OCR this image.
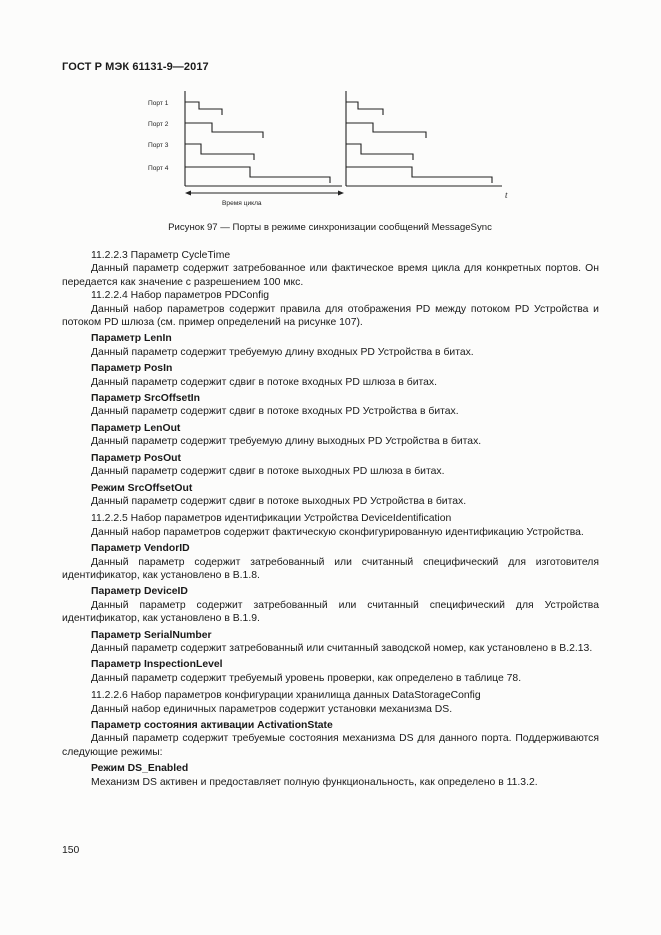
ГОСТ Р МЭК 61131-9—2017
Порт 1
Порт 2
Порт 3
Порт 4
Время цикла
t
Рисунок 97 — Порты в режиме синхронизации сообщений MessageSync

11.2.2.3 Параметр CycleTime

Данный параметр содержит затребованное или фактическое время цикла для конкретных портов. Он передается как значение с разрешением 100 мкс.

11.2.2.4 Набор параметров PDConfig

Данный набор параметров содержит правила для отображения PD между потоком PD Устройства и потоком PD шлюза (см. пример определений на рисунке 107).

Параметр LenIn

Данный параметр содержит требуемую длину входных PD Устройства в битах.

Параметр PosIn

Данный параметр содержит сдвиг в потоке входных PD шлюза в битах.

Параметр SrcOffsetIn

Данный параметр содержит сдвиг в потоке входных PD Устройства в битах.

Параметр LenOut

Данный параметр содержит требуемую длину выходных PD Устройства в битах.

Параметр PosOut

Данный параметр содержит сдвиг в потоке выходных PD шлюза в битах.

Режим SrcOffsetOut

Данный параметр содержит сдвиг в потоке выходных PD Устройства в битах.

11.2.2.5 Набор параметров идентификации Устройства DeviceIdentification

Данный набор параметров содержит фактическую сконфигурированную идентификацию Устройства.

Параметр VendorID

Данный параметр содержит затребованный или считанный специфический для изготовителя идентификатор, как установлено в В.1.8.

Параметр DeviceID

Данный параметр содержит затребованный или считанный специфический для Устройства идентификатор, как установлено в В.1.9.

Параметр SerialNumber

Данный параметр содержит затребованный или считанный заводской номер, как установлено в В.2.13.

Параметр InspectionLevel

Данный параметр содержит требуемый уровень проверки, как определено в таблице 78.

11.2.2.6 Набор параметров конфигурации хранилища данных DataStorageConfig

Данный набор единичных параметров содержит установки механизма DS.

Параметр состояния активации ActivationState

Данный параметр содержит требуемые состояния механизма DS для данного порта. Поддерживаются следующие режимы:

Режим DS_Enabled

Механизм DS активен и предоставляет полную функциональность, как определено в 11.3.2.

150
